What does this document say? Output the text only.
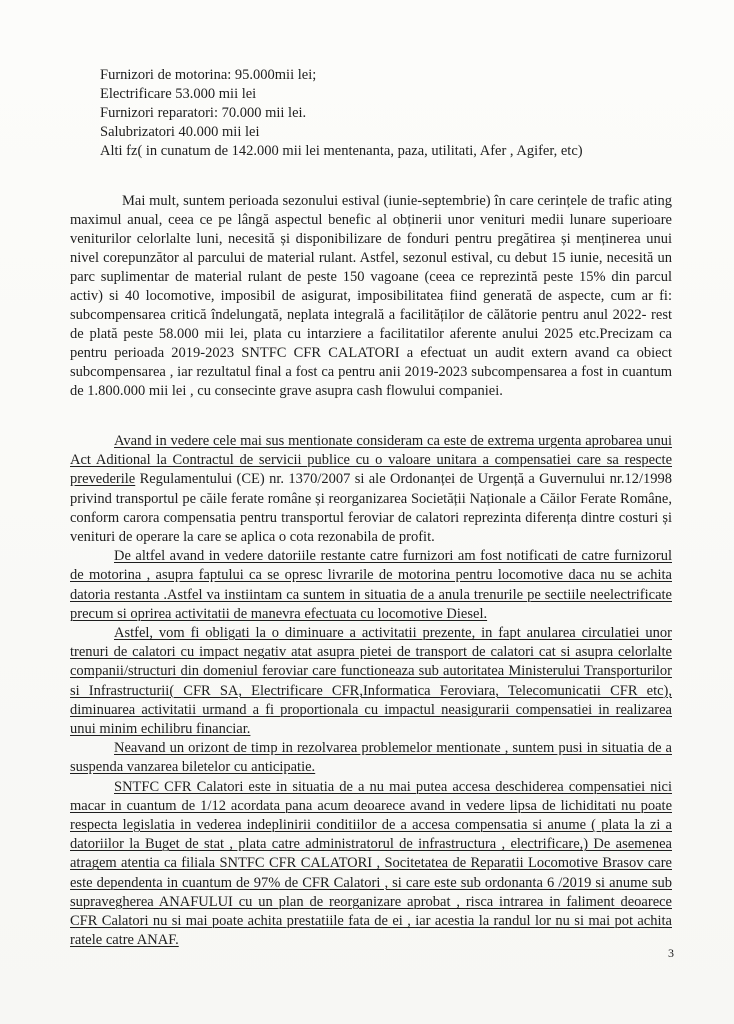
Furnizori de motorina: 95.000mii lei;
Electrificare 53.000 mii lei
Furnizori reparatori: 70.000 mii lei.
Salubrizatori 40.000 mii lei
Alti fz( in cunatum de 142.000 mii lei mentenanta, paza, utilitati, Afer , Agifer, etc)

Mai mult, suntem perioada sezonului estival (iunie-septembrie) în care cerințele de trafic ating maximul anual, ceea ce pe lângă aspectul benefic al obținerii unor venituri medii lunare superioare veniturilor celorlalte luni, necesită și disponibilizare de fonduri pentru pregătirea și menținerea unui nivel corepunzător al parcului de material rulant. Astfel, sezonul estival, cu debut 15 iunie, necesită un parc suplimentar de material rulant de peste 150 vagoane (ceea ce reprezintă peste 15% din parcul activ) si 40 locomotive, imposibil de asigurat, imposibilitatea fiind generată de aspecte, cum ar fi: subcompensarea critică îndelungată, neplata integrală a facilităților de călătorie pentru anul 2022- rest de plată peste 58.000 mii lei, plata cu intarziere a facilitatilor aferente anului 2025 etc.Precizam ca pentru perioada 2019-2023 SNTFC CFR CALATORI a efectuat un audit extern avand ca obiect subcompensarea , iar rezultatul final a fost ca pentru anii 2019-2023 subcompensarea a fost in cuantum de 1.800.000 mii lei , cu consecinte grave asupra cash flowului companiei.

Avand in vedere cele mai sus mentionate consideram ca este de extrema urgenta aprobarea unui Act Aditional la Contractul de servicii publice cu o valoare unitara a compensatiei care sa respecte prevederile Regulamentului (CE) nr. 1370/2007 si ale Ordonanței de Urgență a Guvernului nr.12/1998 privind transportul pe căile ferate române și reorganizarea Societății Naționale a Căilor Ferate Române, conform carora compensatia pentru transportul feroviar de calatori reprezinta diferența dintre costuri și venituri de operare la care se aplica o cota rezonabila de profit.

De altfel avand in vedere datoriile restante catre furnizori am fost notificati de catre furnizorul de motorina , asupra faptului ca se opresc livrarile de motorina pentru locomotive daca nu se achita datoria restanta .Astfel va instiintam ca suntem in situatia de a anula trenurile pe sectiile neelectrificate precum si oprirea activitatii de manevra efectuata cu locomotive Diesel.

Astfel, vom fi obligati la o diminuare a activitatii prezente, in fapt anularea circulatiei unor trenuri de calatori cu impact negativ atat asupra pietei de transport de calatori cat si asupra celorlalte companii/structuri din domeniul feroviar care functioneaza sub autoritatea Ministerului Transporturilor si Infrastructurii( CFR SA, Electrificare CFR,Informatica Feroviara, Telecomunicatii CFR etc), diminuarea activitatii urmand a fi proportionala cu impactul neasigurarii compensatiei in realizarea unui minim echilibru financiar.

Neavand un orizont de timp in rezolvarea problemelor mentionate , suntem pusi in situatia de a suspenda vanzarea biletelor cu anticipatie.

SNTFC CFR Calatori este in situatia de a nu mai putea accesa deschiderea compensatiei nici macar in cuantum de 1/12 acordata pana acum deoarece avand in vedere lipsa de lichiditati nu poate respecta legislatia in vederea indeplinirii conditiilor de a accesa compensatia si anume ( plata la zi a datoriilor la Buget de stat , plata catre administratorul de infrastructura , electrificare,) De asemenea atragem atentia ca filiala SNTFC CFR CALATORI , Socitetatea de Reparatii Locomotive Brasov care este dependenta in cuantum de 97% de CFR Calatori , si care este sub ordonanta 6 /2019 si anume sub supravegherea ANAFULUI cu un plan de reorganizare aprobat , risca intrarea in faliment deoarece CFR Calatori nu si mai poate achita prestatiile fata de ei , iar acestia la randul lor nu si mai pot achita ratele catre ANAF.

3
